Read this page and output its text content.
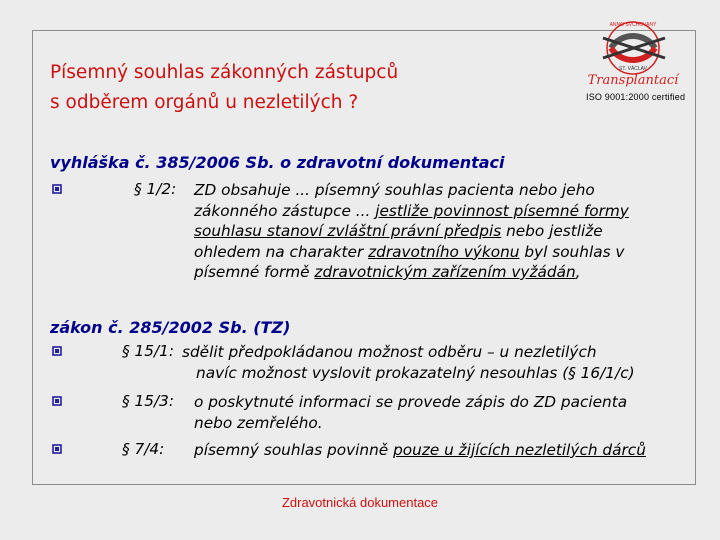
Písemný souhlas zákonných zástupců
s odběrem orgánů u nezletilých ?
ANNO SVCHOVANÝ
ST. VÁCLAV
Transplantací
ISO 9001:2000 certified
vyhláška č. 385/2006 Sb. o zdravotní dokumentaci
§ 1/2: ZD obsahuje ... písemný souhlas pacienta nebo jeho
zákonného zástupce ... jestliže povinnost písemné formy
souhlasu stanoví zvláštní právní předpis nebo jestliže
ohledem na charakter zdravotního výkonu byl souhlas v
písemné formě zdravotnickým zařízením vyžádán,
zákon č. 285/2002 Sb. (TZ)
§ 15/1: sdělit předpokládanou možnost odběru – u nezletilých
navíc možnost vyslovit prokazatelný nesouhlas (§ 16/1/c)
§ 15/3: o poskytnuté informaci se provede zápis do ZD pacienta
nebo zemřelého.
§ 7/4: písemný souhlas povinně pouze u žijících nezletilých dárců
Zdravotnická dokumentace
